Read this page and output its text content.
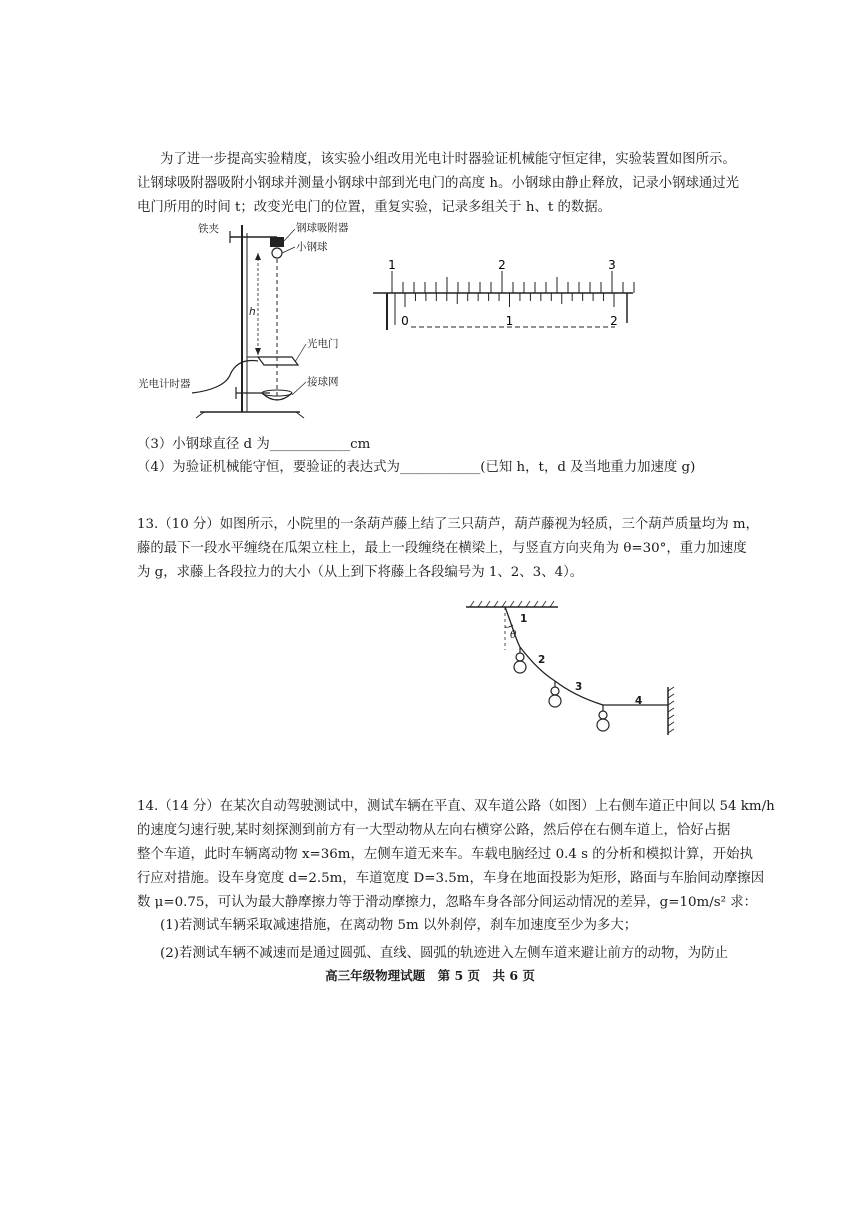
为了进一步提高实验精度，该实验小组改用光电计时器验证机械能守恒定律，实验装置如图所示。
让钢球吸附器吸附小钢球并测量小钢球中部到光电门的高度 h。小钢球由静止释放，记录小钢球通过光
电门所用的时间 t；改变光电门的位置，重复实验，记录多组关于 h、t 的数据。
铁夹	钢球吸附器
小钢球
h
光电门
光电计时器	接球网
1	2	3
0	1	2
（3）小钢球直径 d 为____________cm
（4）为验证机械能守恒，要验证的表达式为____________(已知 h，t，d 及当地重力加速度 g)
13.（10 分）如图所示，小院里的一条葫芦藤上结了三只葫芦，葫芦藤视为轻质，三个葫芦质量均为 m，
藤的最下一段水平缠绕在瓜架立柱上，最上一段缠绕在横梁上，与竖直方向夹角为 θ=30°，重力加速度
为 g，求藤上各段拉力的大小（从上到下将藤上各段编号为 1、2、3、4）。
θ
1
2
3
4
14.（14 分）在某次自动驾驶测试中，测试车辆在平直、双车道公路（如图）上右侧车道正中间以 54 km/h
的速度匀速行驶,某时刻探测到前方有一大型动物从左向右横穿公路，然后停在右侧车道上，恰好占据
整个车道，此时车辆离动物 x=36m，左侧车道无来车。车载电脑经过 0.4 s 的分析和模拟计算，开始执
行应对措施。设车身宽度 d=2.5m，车道宽度 D=3.5m，车身在地面投影为矩形，路面与车胎间动摩擦因
数 μ=0.75，可认为最大静摩擦力等于滑动摩擦力，忽略车身各部分间运动情况的差异，g=10m/s² 求：
(1)若测试车辆采取减速措施，在离动物 5m 以外刹停，刹车加速度至少为多大；
(2)若测试车辆不减速而是通过圆弧、直线、圆弧的轨迹进入左侧车道来避让前方的动物，为防止
高三年级物理试题　第 5 页　共 6 页
